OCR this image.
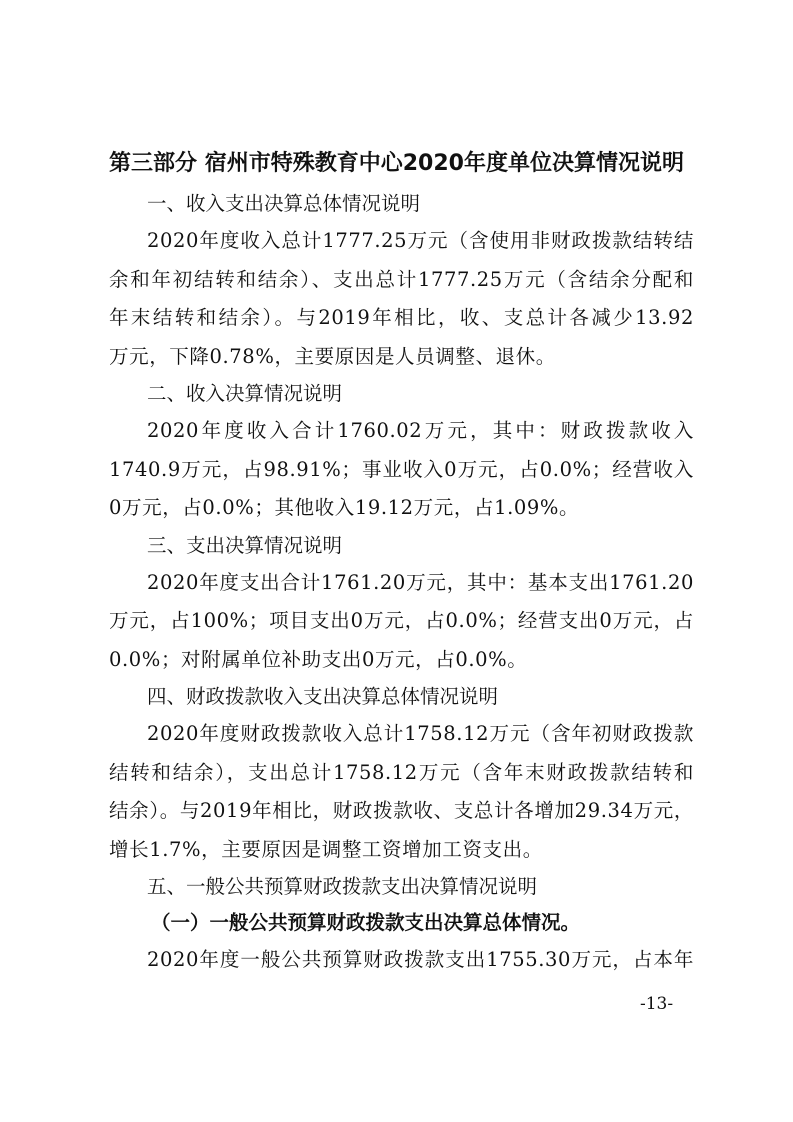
第三部分 宿州市特殊教育中心2020年度单位决算情况说明

一、收入支出决算总体情况说明

2020年度收入总计1777.25万元（含使用非财政拨款结转结
余和年初结转和结余）、支出总计1777.25万元（含结余分配和
年末结转和结余）。与2019年相比，收、支总计各减少13.92
万元，下降0.78%，主要原因是人员调整、退休。

二、收入决算情况说明

2020年度收入合计1760.02万元，其中：财政拨款收入
1740.9万元，占98.91%；事业收入0万元，占0.0%；经营收入
0万元，占0.0%；其他收入19.12万元，占1.09%。

三、支出决算情况说明

2020年度支出合计1761.20万元，其中：基本支出1761.20
万元，占100%；项目支出0万元，占0.0%；经营支出0万元，占
0.0%；对附属单位补助支出0万元，占0.0%。

四、财政拨款收入支出决算总体情况说明

2020年度财政拨款收入总计1758.12万元（含年初财政拨款
结转和结余），支出总计1758.12万元（含年末财政拨款结转和
结余）。与2019年相比，财政拨款收、支总计各增加29.34万元，
增长1.7%，主要原因是调整工资增加工资支出。

五、一般公共预算财政拨款支出决算情况说明

（一）一般公共预算财政拨款支出决算总体情况。

2020年度一般公共预算财政拨款支出1755.30万元，占本年
-13-
